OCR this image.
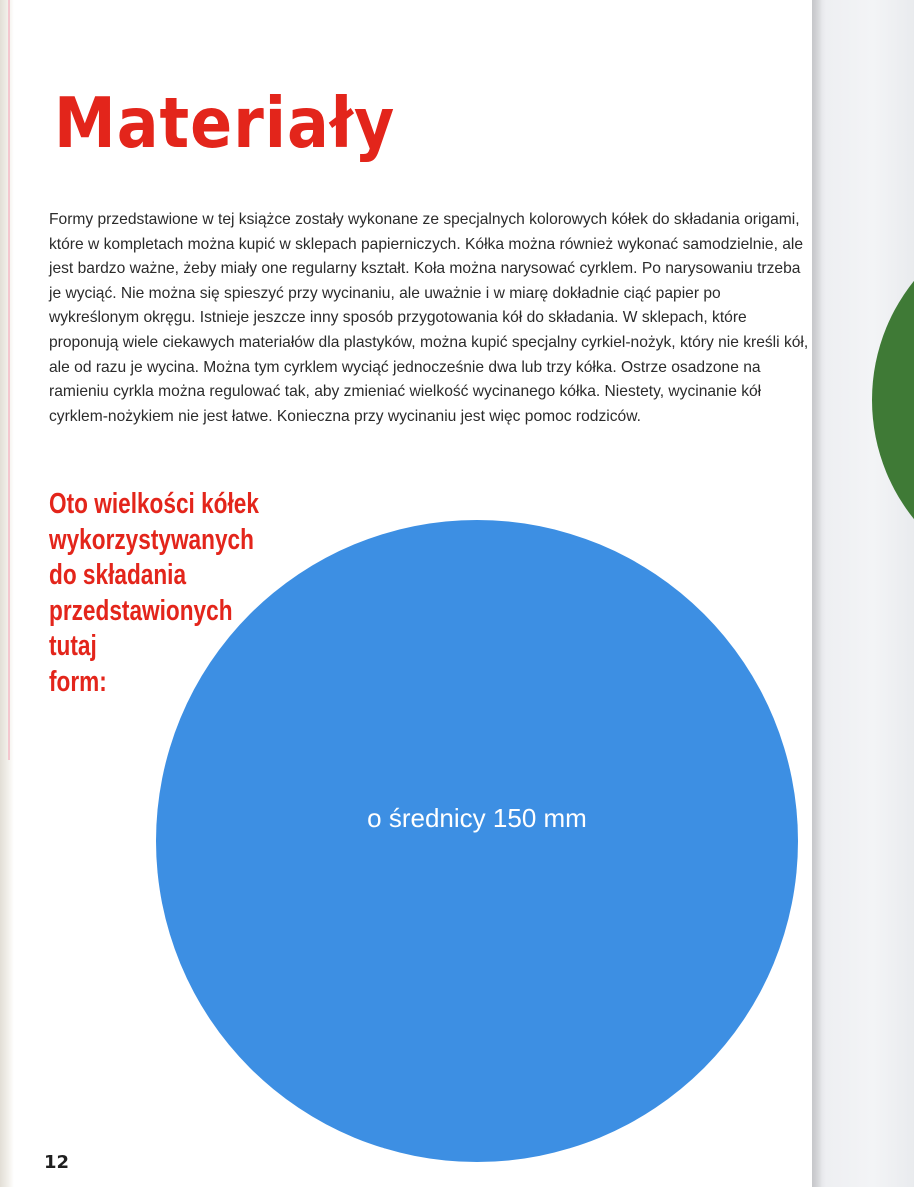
Materiały

Formy przedstawione w tej książce zostały wykonane ze specjalnych kolorowych kółek do składania origami, które w kompletach można kupić w sklepach papierniczych. Kółka można również wykonać samodzielnie, ale jest bardzo ważne, żeby miały one regularny kształt. Koła można narysować cyrklem. Po narysowaniu trzeba je wyciąć. Nie można się spieszyć przy wycinaniu, ale uważnie i w miarę dokładnie ciąć papier po wykreślonym okręgu. Istnieje jeszcze inny sposób przygotowania kół do składania. W sklepach, które proponują wiele ciekawych materiałów dla plastyków, można kupić specjalny cyrkiel-nożyk, który nie kreśli kół, ale od razu je wycina. Można tym cyrklem wyciąć jednocześnie dwa lub trzy kółka. Ostrze osadzone na ramieniu cyrkla można regulować tak, aby zmieniać wielkość wycinanego kółka. Niestety, wycinanie kół cyrklem-nożykiem nie jest łatwe. Konieczna przy wycinaniu jest więc pomoc rodziców.

Oto wielkości kółek
wykorzystywanych
do składania
przedstawionych
tutaj
form:
o średnicy 150 mm

12
